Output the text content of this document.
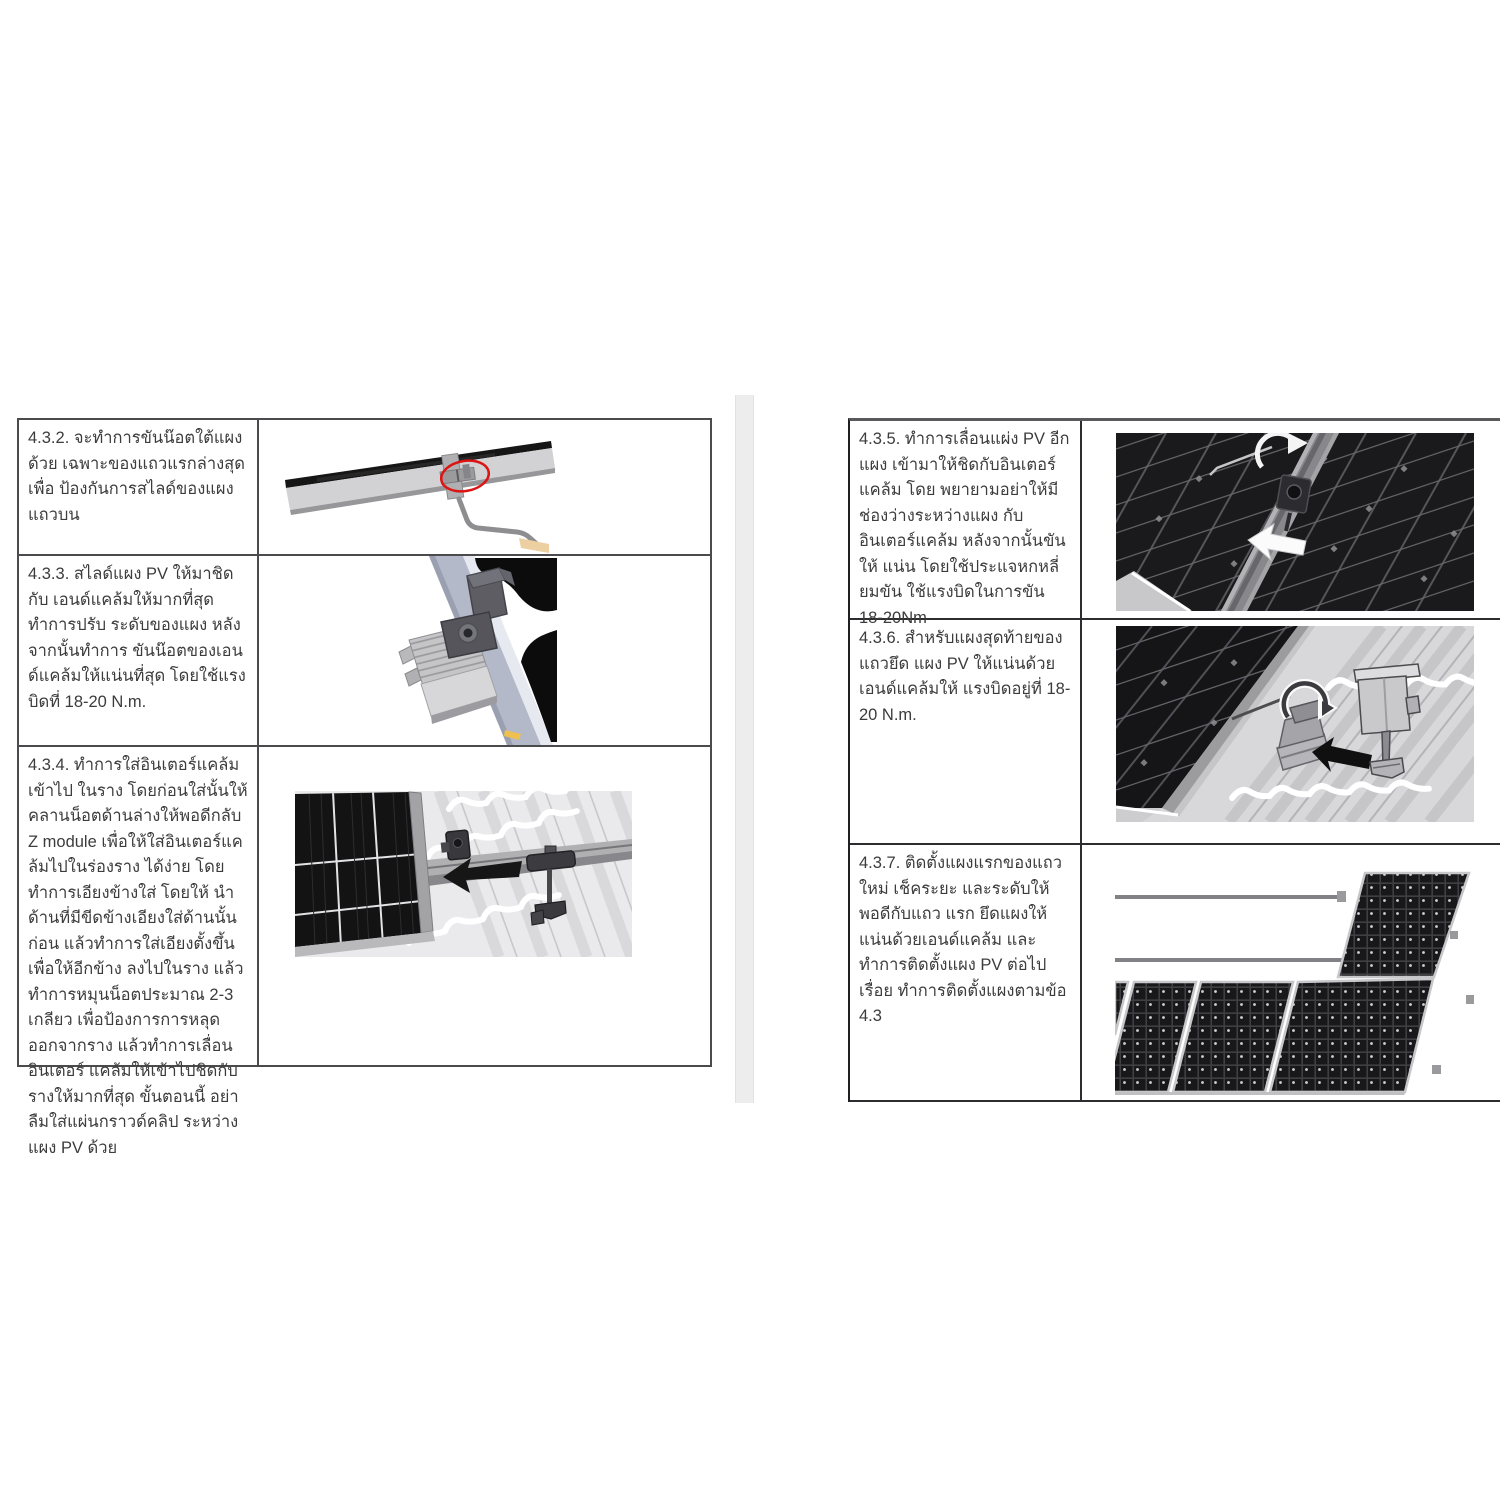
4.3.2. จะทำการขันน๊อตใต้แผงด้วย เฉพาะของแถวแรกล่างสุด เพื่อ ป้องกันการสไลด์ของแผงแถวบน
4.3.3. สไลด์แผง PV ให้มาชิดกับ เอนด์แคล้มให้มากที่สุด ทำการปรับ ระดับของแผง หลังจากนั้นทำการ ขันน๊อตของเอนด์แคล้มให้แน่นที่สุด โดยใช้แรงบิดที่ 18-20 N.m.
4.3.4. ทำการใส่อินเตอร์แคล้มเข้าไป ในราง โดยก่อนใส่นั้นให้คลานน็อตด้านล่างให้พอดีกลับ Z module เพื่อให้ใส่อินเตอร์แคล้มไปในร่องราง ได้ง่าย โดยทำการเอียงข้างใส่ โดยให้ นำด้านที่มีขีดข้างเอียงใส่ด้านนั้นก่อน แล้วทำการใส่เอียงตั้งขึ้นเพื่อให้อีกข้าง ลงไปในราง แล้วทำการหมุนน็อตประมาณ 2-3 เกลียว เพื่อป้องการการหลุด ออกจากราง แล้วทำการเลื่อนอินเตอร์ แคล้มให้เข้าไปชิดกับรางให้มากที่สุด ขั้นตอนนี้ อย่าลืมใส่แผ่นกราวด์คลิป ระหว่างแผง PV ด้วย
4.3.5. ทำการเลื่อนแผ่ง PV อีกแผง เข้ามาให้ชิดกับอินเตอร์แคล้ม โดย พยายามอย่าให้มีช่องว่างระหว่างแผง กับอินเตอร์แคล้ม หลังจากนั้นขันให้ แน่น โดยใช้ประแจหกหลี่ยมขัน ใช้แรงบิดในการขัน 18-20Nm
4.3.6. สำหรับแผงสุดท้ายของแถวยึด แผง PV ให้แน่นด้วย เอนด์แคล้มให้ แรงบิดอยู่ที่ 18-20 N.m.
4.3.7. ติดตั้งแผงแรกของแถวใหม่ เช็คระยะ และระดับให้พอดีกับแถว แรก ยึดแผงให้แน่นด้วยเอนด์แคล้ม และทำการติดตั้งแผง PV ต่อไปเรื่อย ทำการติดตั้งแผงตามข้อ 4.3
